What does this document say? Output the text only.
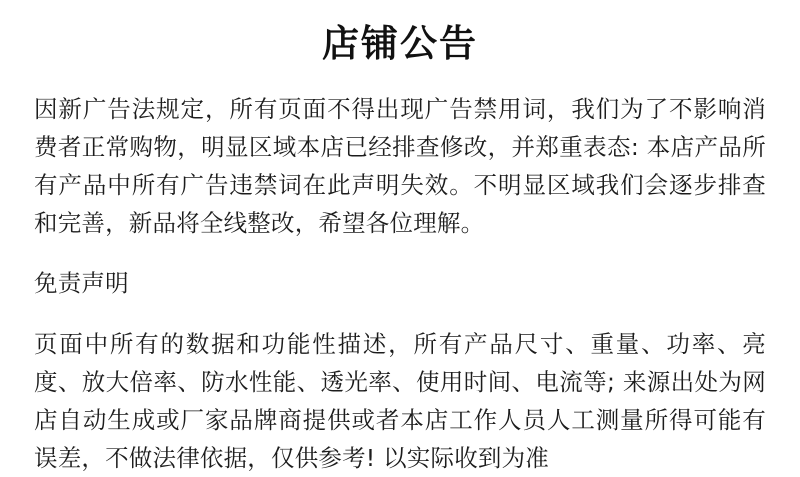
店铺公告

因新广告法规定，所有页面不得出现广告禁用词，我们为了不影响消费者正常购物，明显区域本店已经排查修改，并郑重表态: 本店产品所有产品中所有广告违禁词在此声明失效。不明显区域我们会逐步排查和完善，新品将全线整改，希望各位理解。

免责声明

页面中所有的数据和功能性描述，所有产品尺寸、重量、功率、亮度、放大倍率、防水性能、透光率、使用时间、电流等; 来源出处为网店自动生成或厂家品牌商提供或者本店工作人员人工测量所得可能有误差，不做法律依据，仅供参考! 以实际收到为准
